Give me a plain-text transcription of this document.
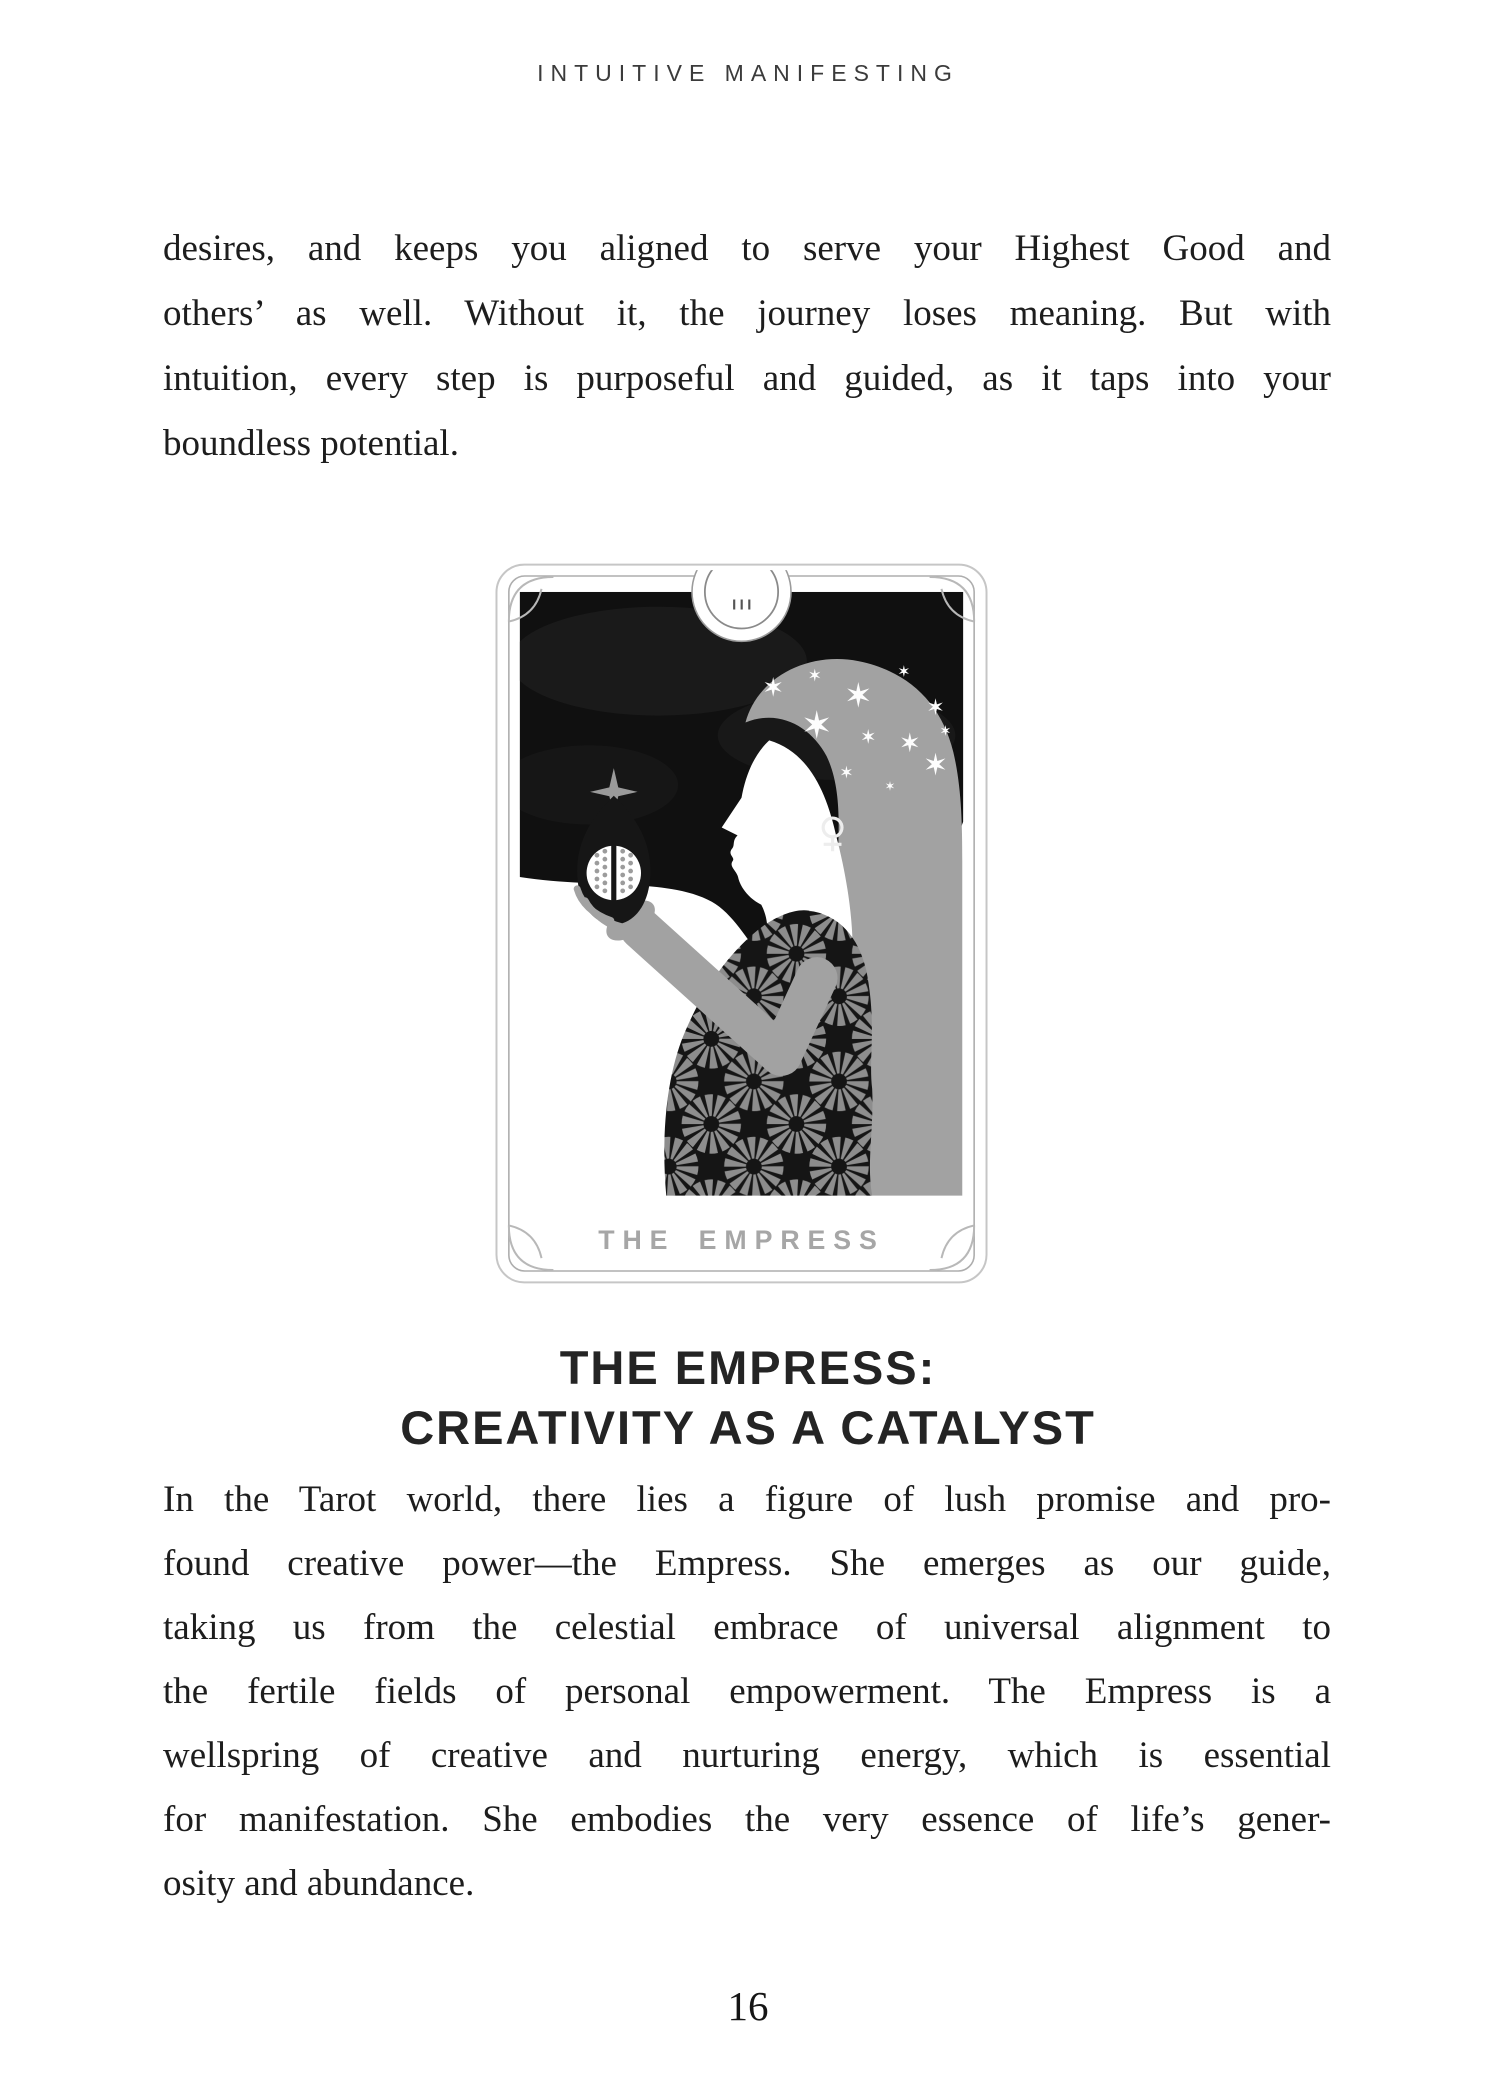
INTUITIVE MANIFESTING
desires, and keeps you aligned to serve your Highest Good and
others’ as well. Without it, the journey loses meaning. But with
intuition, every step is purposeful and guided, as it taps into your
boundless potential.
III
THE EMPRESS
THE EMPRESS:
CREATIVITY AS A CATALYST
In the Tarot world, there lies a figure of lush promise and pro-
found creative power—the Empress. She emerges as our guide,
taking us from the celestial embrace of universal alignment to
the fertile fields of personal empowerment. The Empress is a
wellspring of creative and nurturing energy, which is essential
for manifestation. She embodies the very essence of life’s gener-
osity and abundance.
16
